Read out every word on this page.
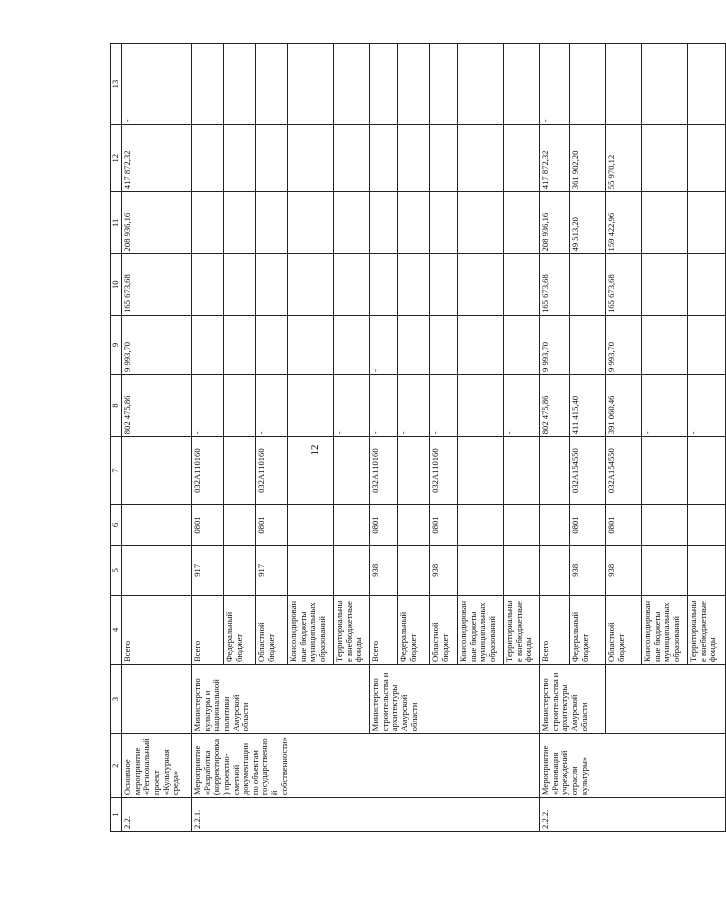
12
1	2	3	4	5	6	7	8	9	10	11	12	13
2.2.	Основное мероприятие «Региональный проект «Культурная среда»		Всего				802 475,86	9 993,70	165 673,68	208 936,16	417 872,32	-
2.2.1.	Мероприятие «Разработка (корректировка) проектно-сметной документации по объектам государственной собственности»	Министерство культуры и национальной политики Амурской области	Всего	917	0801	032A110160	-					
			Федеральный бюджет									
			Областной бюджет	917	0801	032A110160	-					
			Консолидированные бюджеты муниципальных образований									
			Территориальные внебюджетные фонды				-					
		Министерство строительства и архитектуры Амурской области	Всего	938	0801	032A110160	-	-				
			Федеральный бюджет				-					
			Областной бюджет	938	0801	032A110160	-					
			Консолидированные бюджеты муниципальных образований									
			Территориальные внебюджетные фонды				-					
2.2.2.	Мероприятие «Реновация учреждений отрасли культуры»	Министерство строительства и архитектуры Амурской области	Всего				802 475,86	9 993,70	165 673,68	208 936,16	417 872,32	-
			Федеральный бюджет	938	0801	032A154550	411 415,40			49 513,20	361 902,20	
			Областной бюджет	938	0801	032A154550	391 060,46	9 993,70	165 673,68	159 422,96	55 970,12	
			Консолидированные бюджеты муниципальных образований				-					
			Территориальные внебюджетные фонды				-					
